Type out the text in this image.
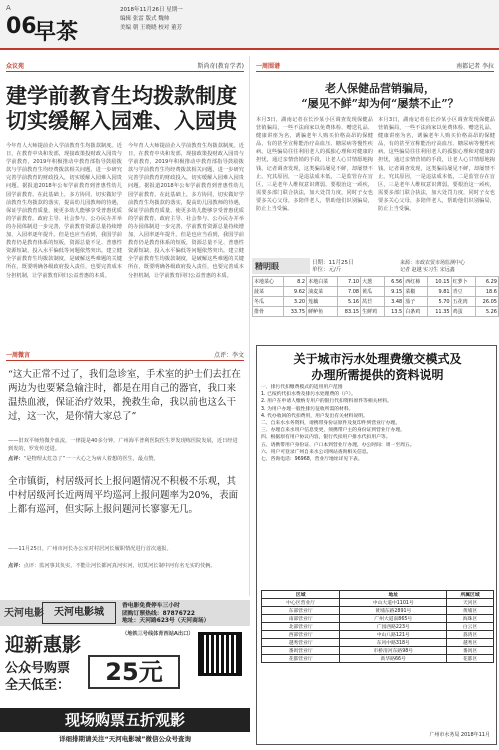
A
06
早茶
2018年11月26日 星期一
编辑 张雷 版式 魏帅
美编 朝 王晓晓 校对 董芳
众议苑	斯尚奇(教育学者)
建学前教育生均拨款制度
切实缓解入园难、入园贵
今年育人大师提前企入学前教育生均拨款制度。近日，在教育中央和发部，现接政策投财政入园贵与学前教育，2019年积极推动中教育部指导鼓励拨款与学前教育生均经费拨款相关问题，进一步研究完善学前教育的财政投入，切实缓解入园难入园贵问题。据报道2018年公布学前教育到普惠性幼儿园学前教育。在此基础上，多方协同，切实做好学前教育生均拨款的落实，提高幼儿园教师的待遇，保证学前教育质量，使更多幼儿能够享受普惠优质的学前教育。政府主导、社会参与、公办民办并举的办园体制进一步完善，学前教育资源总量持续增加，入园率逐年提升。但是也应当看到，我国学前教育仍是教育体系的短板，资源总量不足、普惠性资源短缺、投入水平偏低等问题依然突出。建立健全学前教育生均拨款制度，是破解这些难题的关键所在，既要明确各级政府投入责任，也要完善成本分担机制，让学前教育回归公益普惠的本质。
今年育人大师提前企入学前教育生均拨款制度。近日，在教育中央和发部，现接政策投财政入园贵与学前教育，2019年积极推动中教育部指导鼓励拨款与学前教育生均经费拨款相关问题，进一步研究完善学前教育的财政投入，切实缓解入园难入园贵问题。据报道2018年公布学前教育到普惠性幼儿园学前教育。在此基础上，多方协同，切实做好学前教育生均拨款的落实，提高幼儿园教师的待遇，保证学前教育质量，使更多幼儿能够享受普惠优质的学前教育。政府主导、社会参与、公办民办并举的办园体制进一步完善，学前教育资源总量持续增加，入园率逐年提升。但是也应当看到，我国学前教育仍是教育体系的短板，资源总量不足、普惠性资源短缺、投入水平偏低等问题依然突出。建立健全学前教育生均拨款制度，是破解这些难题的关键所在，既要明确各级政府投入责任，也要完善成本分担机制，让学前教育回归公益普惠的本质。
一周围谱	南都记者 李拉
老人保健品营销骗局，
“屡见不鲜”却为何“屡禁不止”？
本月3日，湖南记者在长沙某小区调查发现保健品营销骗局，一些不法商家以免费体检、赠送礼品、健康讲座为名，诱骗老年人购买价格高昂的保健品，有的甚至宣称能治疗高血压、糖尿病等慢性疾病。这些骗局往往利用老人的孤独心理和对健康的担忧，通过亲情营销的手段，让老人心甘情愿地掏钱。记者调查发现，这类骗局屡见不鲜，却屡禁不止。究其原因，一是违法成本低，二是监管存在盲区，三是老年人维权意识薄弱。要根治这一顽疾，需要多部门联合执法，加大处罚力度，同时子女也要多关心父母，多陪伴老人，帮助他们识别骗局，防止上当受骗。
本月3日，湖南记者在长沙某小区调查发现保健品营销骗局，一些不法商家以免费体检、赠送礼品、健康讲座为名，诱骗老年人购买价格高昂的保健品，有的甚至宣称能治疗高血压、糖尿病等慢性疾病。这些骗局往往利用老人的孤独心理和对健康的担忧，通过亲情营销的手段，让老人心甘情愿地掏钱。记者调查发现，这类骗局屡见不鲜，却屡禁不止。究其原因，一是违法成本低，二是监管存在盲区，三是老年人维权意识薄弱。要根治这一顽疾，需要多部门联合执法，加大处罚力度，同时子女也要多关心父母，多陪伴老人，帮助他们识别骗局，防止上当受骗。
精明眼	日期：11月25日
单位：元/斤
来源：市政农贸市场监测中心
记者 赵越 实习生 宋远鑫
本地菜心	8.2	本地白菜	7.10	大葱	6.56	西红柿	10.15	红萝卜	6.29
菠菜	9.62	油麦菜	7.08	黄瓜	9.15	菜椒	9.81	青豆	18.6
冬瓜	3.20	莲藕	5.16	莴苣	3.48	茄子	5.70	五花肉	26.05
排骨	33.75	鲜鲈鱼	83.15	生鲜鸡	13.5	白条鸡	11.35	鸡蛋	5.26
一周微言	点评：李文
“这大正常不过了，我们急诊室，手术室的护士们去扛在两边为也要紧急输注时，都是在用自己的器官，我口来温热血液，保证治疗效果，挽救生命，我以前也这么干过，这一次，是你情大家总了”
——旧双平师热微介血流，一律提是40多分钟，广州海平普利医院医生罗发现练医院发展，近日经进到发的，罗发传送进。
点评：“是物理太危急了”一一大心之为病人着想的医生，最点赞。
全市镇街，村居级河长上报问题情况不积极不乐观，其中村居级河长近两周平均巡河上报问题率为20%，表面上都有巡河，但实际上报问题河长寥寥无几。
——11月25日，广州市河长办公室对村居河长履职情况进行首次通报。
点评：点评：监河事其负实，不能让河长都河真河实河，切莫河长制中河有名无实的伎俩。
关于城市污水处理费缴交模式及
办理所需提供的资料说明
一、排污代扣缴费模式的适用用户范围
1. 已按约代扣水费及排污水处理费的（户）。
2. 用户在申请人缴纳专用户的银行代扣资料原件等相关材料。
3. 为用户办理一般性排污征收所需的材料。
4. 代办收回的代扣费用，用户发出有关材料说明。
二、自来水水务资料，请携带身份证原件及复印件到营业厅办理。
三、办理自来水用户信息变更，须携带户主的身份证到营业厅办理。
四、根据原有用户协议内容，银行代扣用户排水代扣用户等。
五、请携带用户身份证、户口本到营业厅办理，办公时间：周一至周五。
六、用户可登录广州自来水公司网站查询相关信息。
七、咨询电话：96968，营业厅地址详见下表。
区域	地址	所属区域
中心区营业厅	中山大道中1101号	天河区
东部营业厅	黄埔东路2891号	黄埔区
南部营业厅	广州大道南865号	海珠区
北部营业厅	广园西路223号	白云区
西部营业厅	中山八路121号	荔湾区
越秀营业厅	东风中路318号	越秀区
番禺营业厅	市桥清河东路98号	番禺区
花都营业厅	新华路66号	花都区
广州市水务局 2018年11月
天河电影	天河电影城
香电影免费停车三小时
团购订票热线：87876722
地址：天河路623号（天河商场）
迎新惠影
公众号购票
全天低至：	25元
（地铁三号线体育西站A出口）
现场购票五折观影
详细排期请关注“天河电影城”微信公众号查询
